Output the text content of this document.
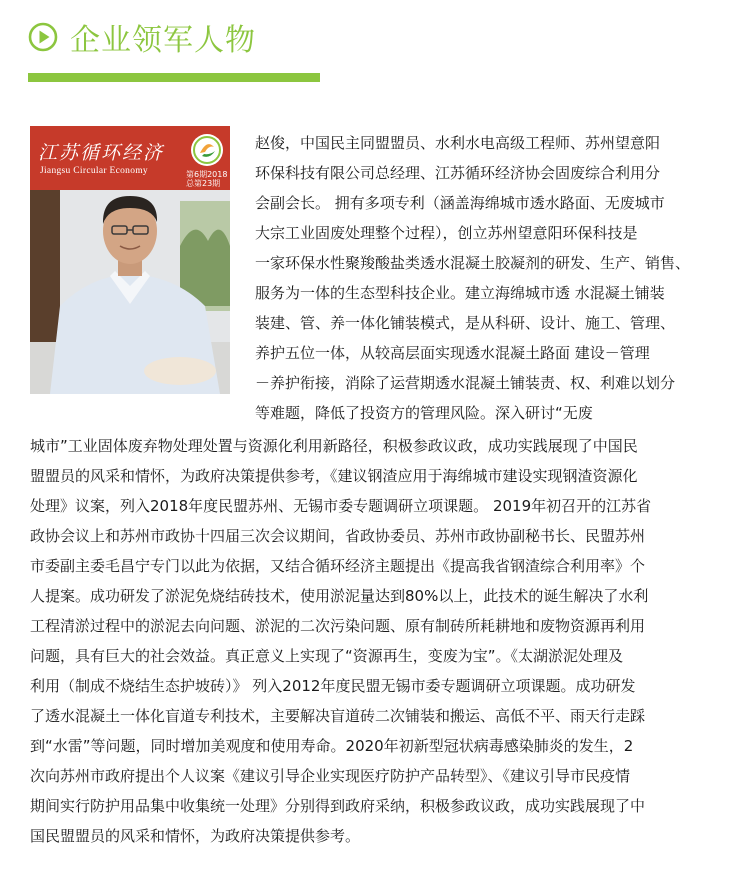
企业领军人物
江苏循环经济
Jiangsu Circular Economy	第6期2018
总第23期
赵俊，中国民主同盟盟员、水利水电高级工程师、苏州望意阳
环保科技有限公司总经理、江苏循环经济协会固废综合利用分
会副会长。 拥有多项专利（涵盖海绵城市透水路面、无废城市
大宗工业固废处理整个过程），创立苏州望意阳环保科技是
一家环保水性聚羧酸盐类透水混凝土胶凝剂的研发、生产、销售、
服务为一体的生态型科技企业。建立海绵城市透 水混凝土铺装
装建、管、养一体化铺装模式，是从科研、设计、施工、管理、
养护五位一体，从较高层面实现透水混凝土路面 建设－管理
－养护衔接，消除了运营期透水混凝土铺装责、权、利难以划分
等难题，降低了投资方的管理风险。深入研讨“无废
城市”工业固体废弃物处理处置与资源化利用新路径，积极参政议政，成功实践展现了中国民
盟盟员的风采和情怀，为政府决策提供参考，《建议钢渣应用于海绵城市建设实现钢渣资源化
处理》议案，列入2018年度民盟苏州、无锡市委专题调研立项课题。 2019年初召开的江苏省
政协会议上和苏州市政协十四届三次会议期间，省政协委员、苏州市政协副秘书长、民盟苏州
市委副主委毛昌宁专门以此为依据，又结合循环经济主题提出《提高我省钢渣综合利用率》个
人提案。成功研发了淤泥免烧结砖技术，使用淤泥量达到80%以上，此技术的诞生解决了水利
工程清淤过程中的淤泥去向问题、淤泥的二次污染问题、原有制砖所耗耕地和废物资源再利用
问题，具有巨大的社会效益。真正意义上实现了“资源再生，变废为宝”。《太湖淤泥处理及
利用（制成不烧结生态护坡砖）》 列入2012年度民盟无锡市委专题调研立项课题。成功研发
了透水混凝土一体化盲道专利技术，主要解决盲道砖二次铺装和搬运、高低不平、雨天行走踩
到“水雷”等问题，同时增加美观度和使用寿命。2020年初新型冠状病毒感染肺炎的发生，2
次向苏州市政府提出个人议案《建议引导企业实现医疗防护产品转型》、《建议引导市民疫情
期间实行防护用品集中收集统一处理》分别得到政府采纳，积极参政议政，成功实践展现了中
国民盟盟员的风采和情怀，为政府决策提供参考。
